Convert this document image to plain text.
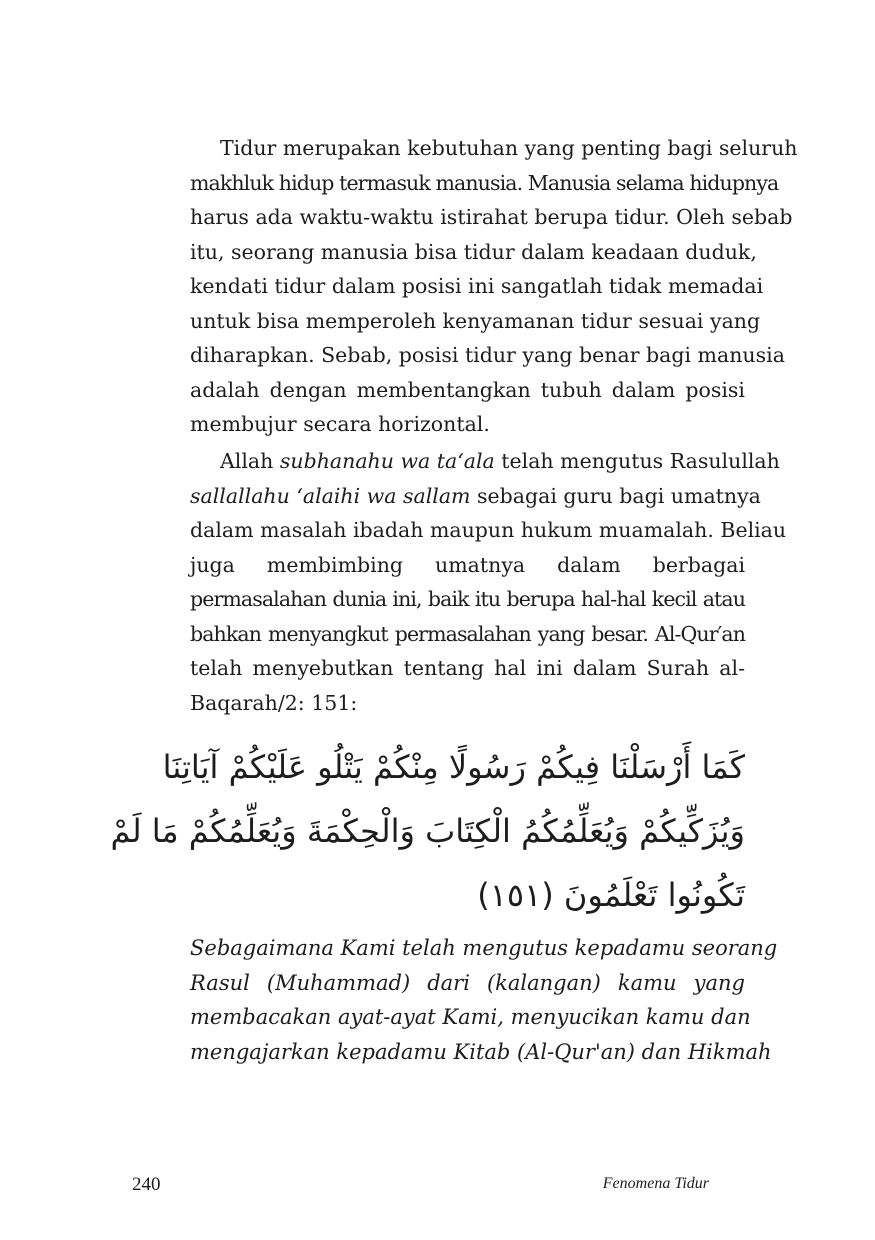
Tidur merupakan kebutuhan yang penting bagi seluruh
makhluk hidup termasuk manusia. Manusia selama hidupnya
harus ada waktu-waktu istirahat berupa tidur. Oleh sebab
itu, seorang manusia bisa tidur dalam keadaan duduk,
kendati tidur dalam posisi ini sangatlah tidak memadai
untuk bisa memperoleh kenyamanan tidur sesuai yang
diharapkan. Sebab, posisi tidur yang benar bagi manusia
adalah dengan membentangkan tubuh dalam posisi
membujur secara horizontal.
Allah subhanahu wa ta‘ala telah mengutus Rasulullah
sallallahu ‘alaihi wa sallam sebagai guru bagi umatnya
dalam masalah ibadah maupun hukum muamalah. Beliau
juga membimbing umatnya dalam berbagai
permasalahan dunia ini, baik itu berupa hal-hal kecil atau
bahkan menyangkut permasalahan yang besar. Al-Qur′an
telah menyebutkan tentang hal ini dalam Surah al-
Baqarah/2: 151:
كَمَا أَرْسَلْنَا فِيكُمْ رَسُولًا مِنْكُمْ يَتْلُو عَلَيْكُمْ آيَاتِنَا
وَيُزَكِّيكُمْ وَيُعَلِّمُكُمُ الْكِتَابَ وَالْحِكْمَةَ وَيُعَلِّمُكُمْ مَا لَمْ
تَكُونُوا تَعْلَمُونَ (١٥١)
Sebagaimana Kami telah mengutus kepadamu seorang
Rasul (Muhammad) dari (kalangan) kamu yang
membacakan ayat-ayat Kami, menyucikan kamu dan
mengajarkan kepadamu Kitab (Al-Qur'an) dan Hikmah
240	Fenomena Tidur
